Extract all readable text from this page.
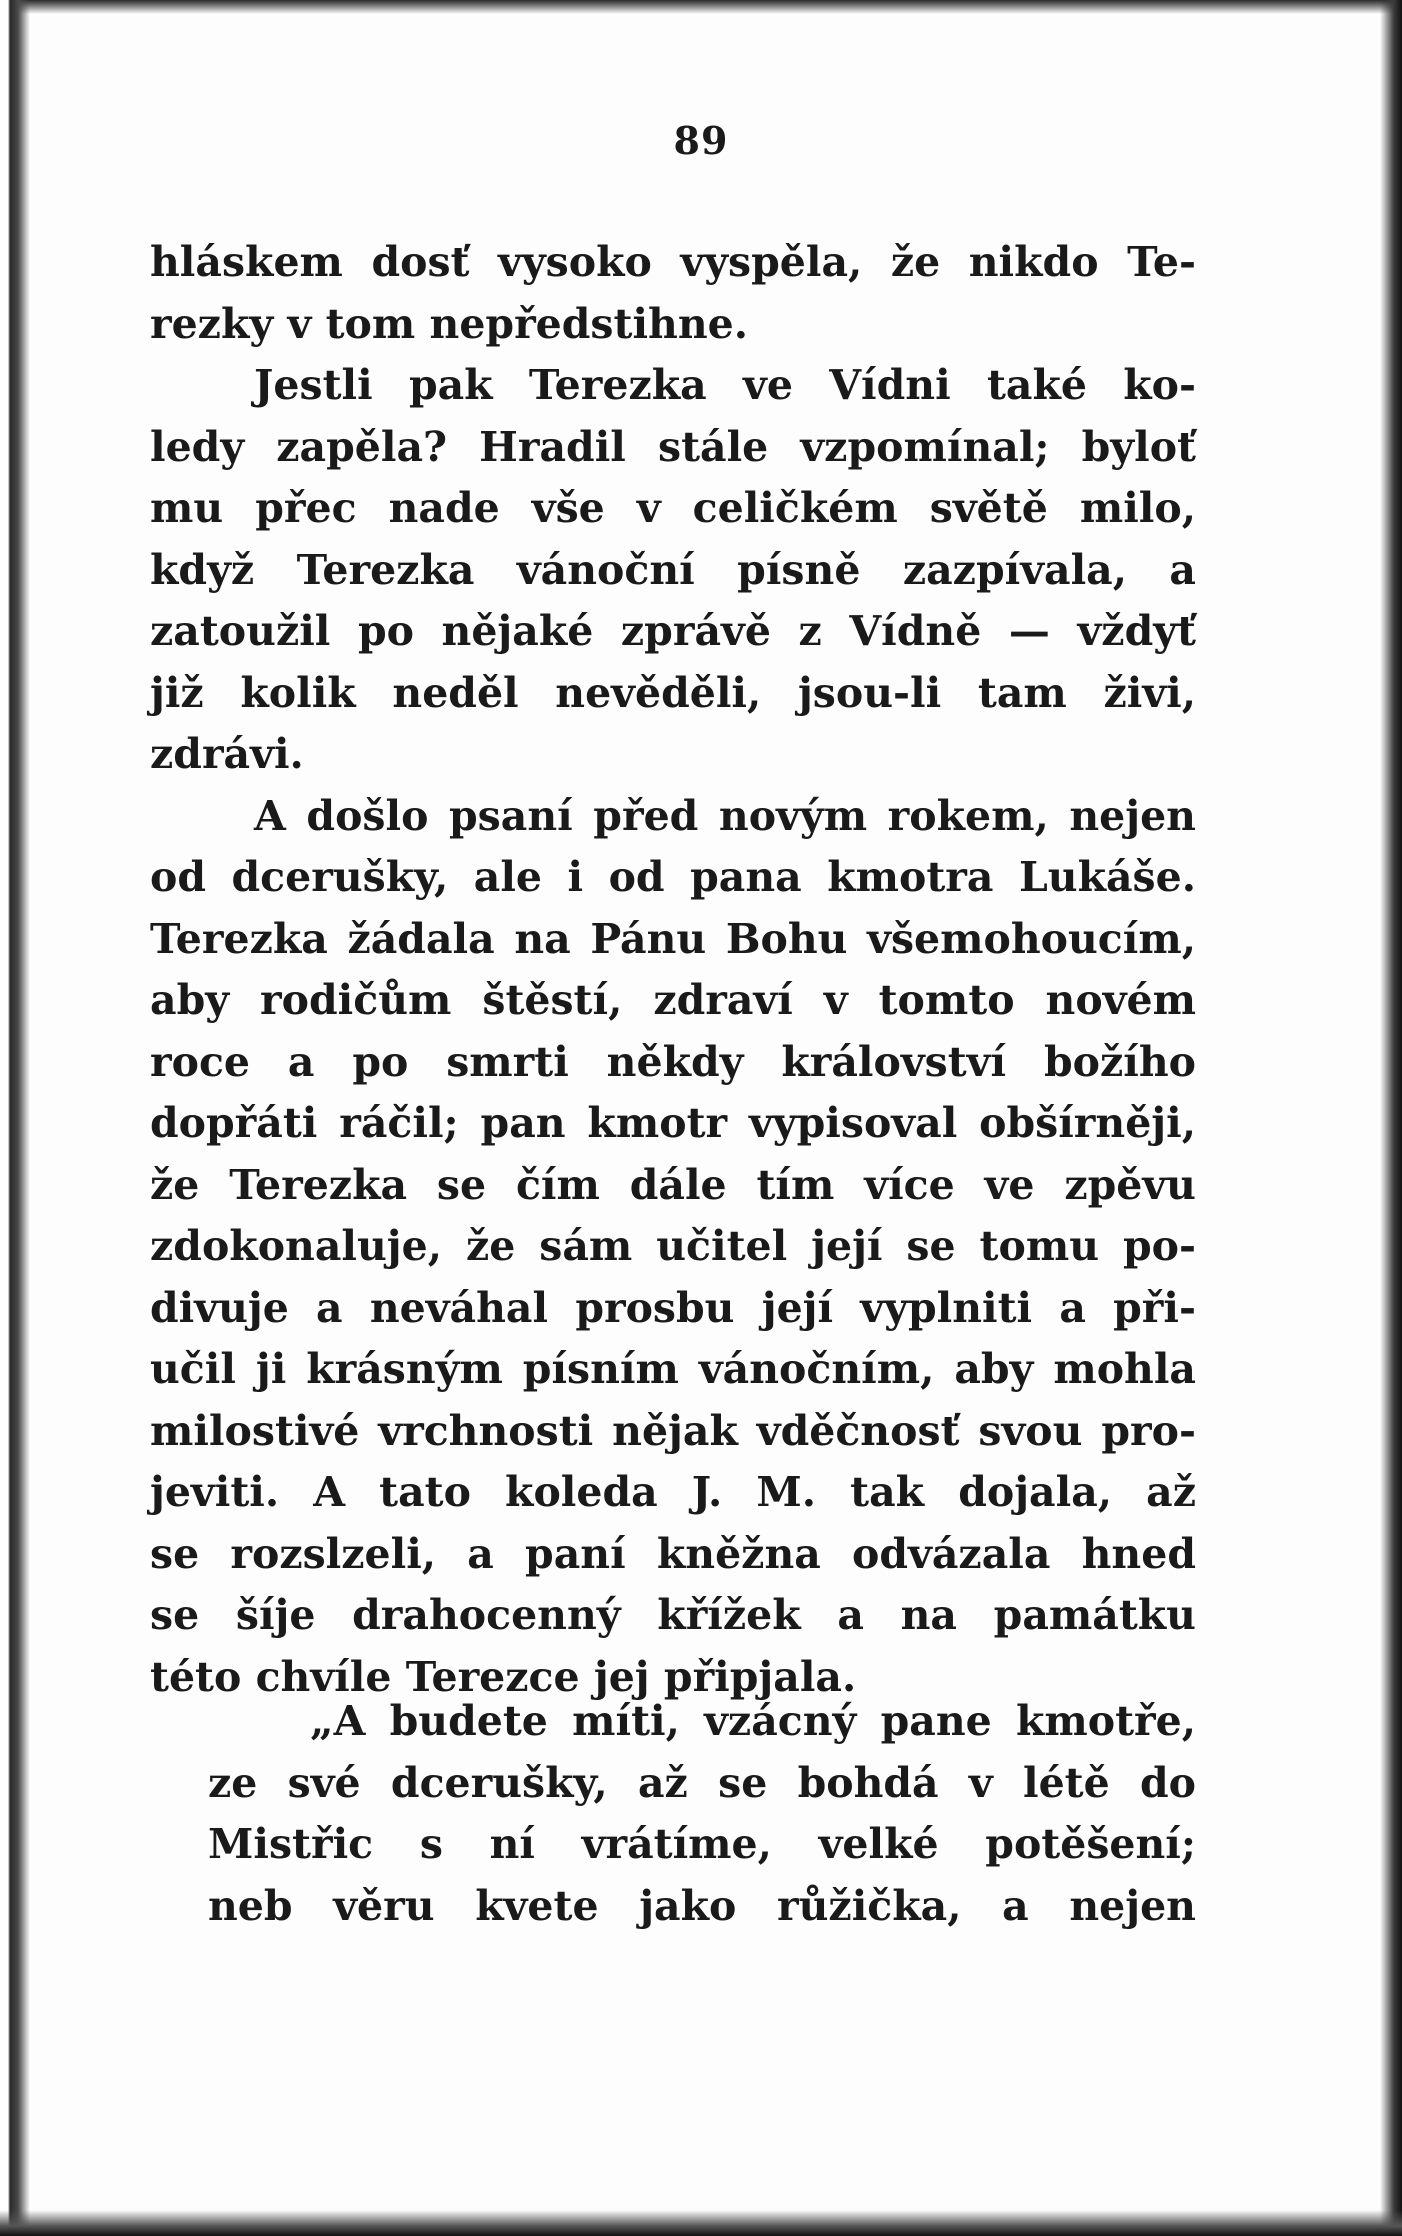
89
hláskem dosť vysoko vyspěla, že nikdo Te-
rezky v tom nepředstihne.
Jestli pak Terezka ve Vídni také ko-
ledy zapěla? Hradil stále vzpomínal; byloť
mu přec nade vše v celičkém světě milo,
když Terezka vánoční písně zazpívala, a
zatoužil po nějaké zprávě z Vídně — vždyť
již kolik neděl nevěděli, jsou-li tam živi,
zdrávi.
A došlo psaní před novým rokem, nejen
od dcerušky, ale i od pana kmotra Lukáše.
Terezka žádala na Pánu Bohu všemohoucím,
aby rodičům štěstí, zdraví v tomto novém
roce a po smrti někdy království božího
dopřáti ráčil; pan kmotr vypisoval obšírněji,
že Terezka se čím dále tím více ve zpěvu
zdokonaluje, že sám učitel její se tomu po-
divuje a neváhal prosbu její vyplniti a při-
učil ji krásným písním vánočním, aby mohla
milostivé vrchnosti nějak vděčnosť svou pro-
jeviti. A tato koleda J. M. tak dojala, až
se rozslzeli, a paní kněžna odvázala hned
se šíje drahocenný křížek a na památku
této chvíle Terezce jej připjala.
„A budete míti, vzácný pane kmotře,
ze své dcerušky, až se bohdá v létě do
Mistřic s ní vrátíme, velké potěšení;
neb věru kvete jako růžička, a nejen
